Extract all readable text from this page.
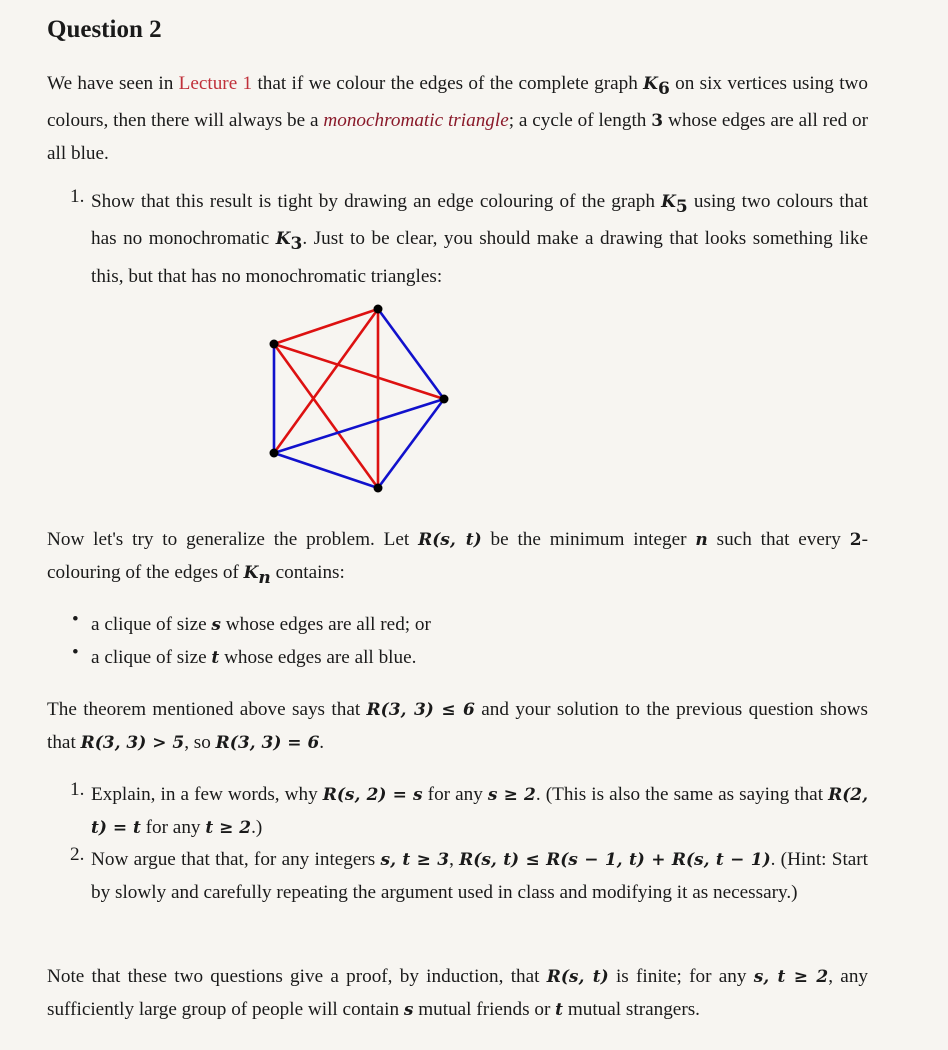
Question 2

We have seen in Lecture 1 that if we colour the edges of the complete graph $K_6$ on six vertices using two colours, then there will always be a monochromatic triangle; a cycle of length 3 whose edges are all red or all blue.

1. Show that this result is tight by drawing an edge colouring of the graph $K_5$ using two colours that has no monochromatic $K_3$. Just to be clear, you should make a drawing that looks something like this, but that has no monochromatic triangles:

Now let's try to generalize the problem. Let R(s, t) be the minimum integer n such that every 2-colouring of the edges of $K_n$ contains:

• a clique of size s whose edges are all red; or

• a clique of size t whose edges are all blue.

The theorem mentioned above says that R(3, 3) ≤ 6 and your solution to the previous question shows that R(3, 3) > 5, so R(3, 3) = 6.

1. Explain, in a few words, why R(s, 2) = s for any s ≥ 2. (This is also the same as saying that R(2, t) = t for any t ≥ 2.)

2. Now argue that that, for any integers s, t ≥ 3, R(s, t) ≤ R(s − 1, t) + R(s, t − 1). (Hint: Start by slowly and carefully repeating the argument used in class and modifying it as necessary.)

Note that these two questions give a proof, by induction, that R(s, t) is finite; for any s, t ≥ 2, any sufficiently large group of people will contain s mutual friends or t mutual strangers.
